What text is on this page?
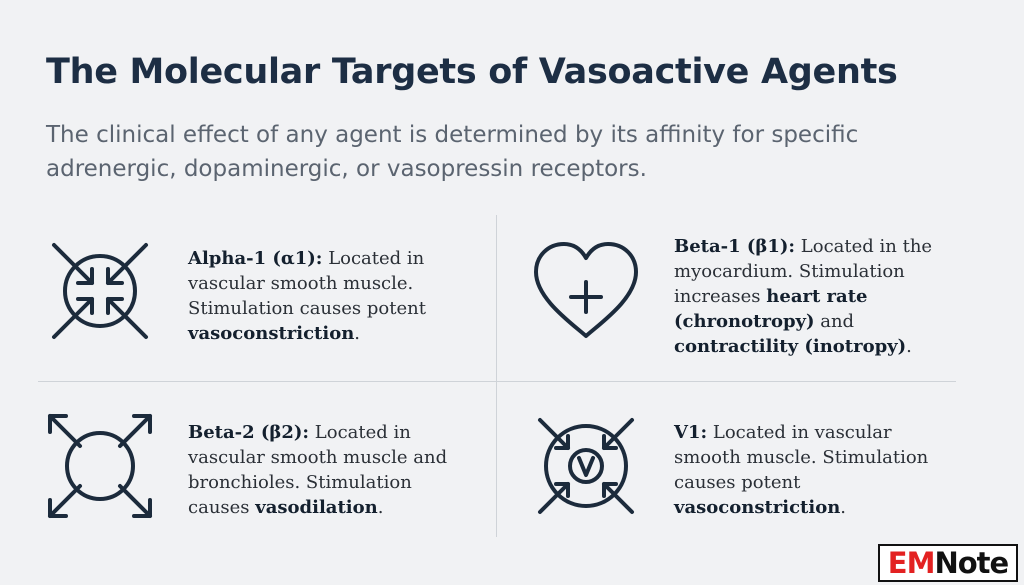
The Molecular Targets of Vasoactive Agents
The clinical effect of any agent is determined by its affinity for specific adrenergic, dopaminergic, or vasopressin receptors.
Alpha-1 (α1): Located in vascular smooth muscle. Stimulation causes potent vasoconstriction.
Beta-1 (β1): Located in the myocardium. Stimulation increases heart rate (chronotropy) and contractility (inotropy).
Beta-2 (β2): Located in vascular smooth muscle and bronchioles. Stimulation causes vasodilation.
V1: Located in vascular smooth muscle. Stimulation causes potent vasoconstriction.
EM Note
